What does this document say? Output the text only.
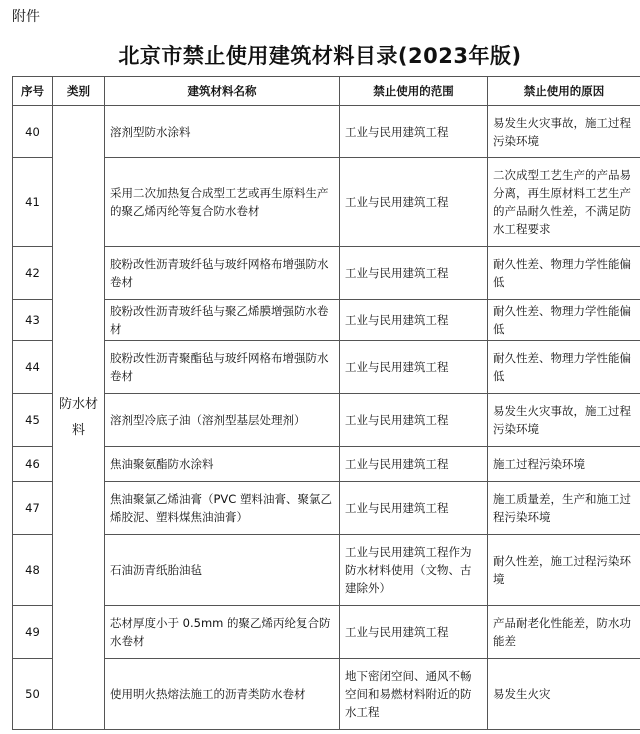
附件
北京市禁止使用建筑材料目录(2023年版)
序号	类别	建筑材料名称	禁止使用的范围	禁止使用的原因
40	防水材料	溶剂型防水涂料	工业与民用建筑工程	易发生火灾事故，施工过程污染环境
41		采用二次加热复合成型工艺或再生原料生产的聚乙烯丙纶等复合防水卷材	工业与民用建筑工程	二次成型工艺生产的产品易分离，再生原材料工艺生产的产品耐久性差，不满足防水工程要求
42		胶粉改性沥青玻纤毡与玻纤网格布增强防水卷材	工业与民用建筑工程	耐久性差、物理力学性能偏低
43		胶粉改性沥青玻纤毡与聚乙烯膜增强防水卷材	工业与民用建筑工程	耐久性差、物理力学性能偏低
44		胶粉改性沥青聚酯毡与玻纤网格布增强防水卷材	工业与民用建筑工程	耐久性差、物理力学性能偏低
45		溶剂型冷底子油（溶剂型基层处理剂）	工业与民用建筑工程	易发生火灾事故，施工过程污染环境
46		焦油聚氨酯防水涂料	工业与民用建筑工程	施工过程污染环境
47		焦油聚氯乙烯油膏（PVC 塑料油膏、聚氯乙烯胶泥、塑料煤焦油油膏）	工业与民用建筑工程	施工质量差，生产和施工过程污染环境
48		石油沥青纸胎油毡	工业与民用建筑工程作为防水材料使用（文物、古建除外）	耐久性差，施工过程污染环境
49		芯材厚度小于 0.5mm 的聚乙烯丙纶复合防水卷材	工业与民用建筑工程	产品耐老化性能差，防水功能差
50		使用明火热熔法施工的沥青类防水卷材	地下密闭空间、通风不畅空间和易燃材料附近的防水工程	易发生火灾
